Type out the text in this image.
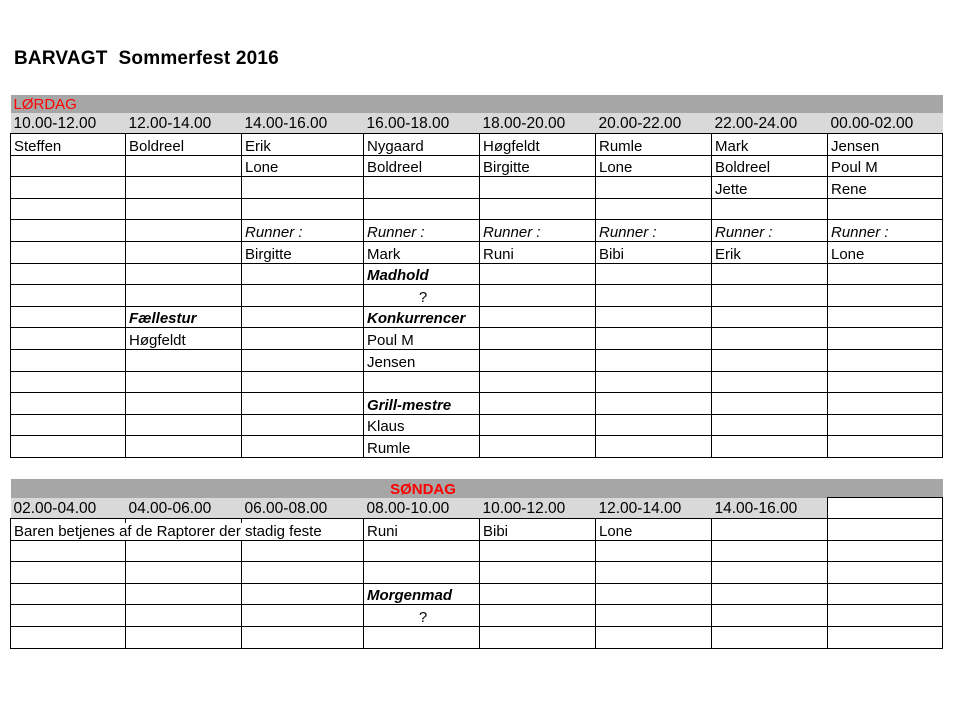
BARVAGT  Sommerfest 2016
LØRDAG							
10.00-12.00	12.00-14.00	14.00-16.00	16.00-18.00	18.00-20.00	20.00-22.00	22.00-24.00	00.00-02.00
Steffen	Boldreel	Erik	Nygaard	Høgfeldt	Rumle	Mark	Jensen
		Lone	Boldreel	Birgitte	Lone	Boldreel	Poul M
						Jette	Rene

		Runner :	Runner :	Runner :	Runner :	Runner :	Runner :
		Birgitte	Mark	Runi	Bibi	Erik	Lone
			Madhold				
			?				
	Fællestur		Konkurrencer				
	Høgfeldt		Poul M				
			Jensen				

			Grill-mestre				
			Klaus				
			Rumle				
			SØNDAG				
02.00-04.00	04.00-06.00	06.00-08.00	08.00-10.00	10.00-12.00	12.00-14.00	14.00-16.00	
Baren betjenes af de Raptorer der stadig feste			Runi	Bibi	Lone		

			Morgenmad				
			?				
